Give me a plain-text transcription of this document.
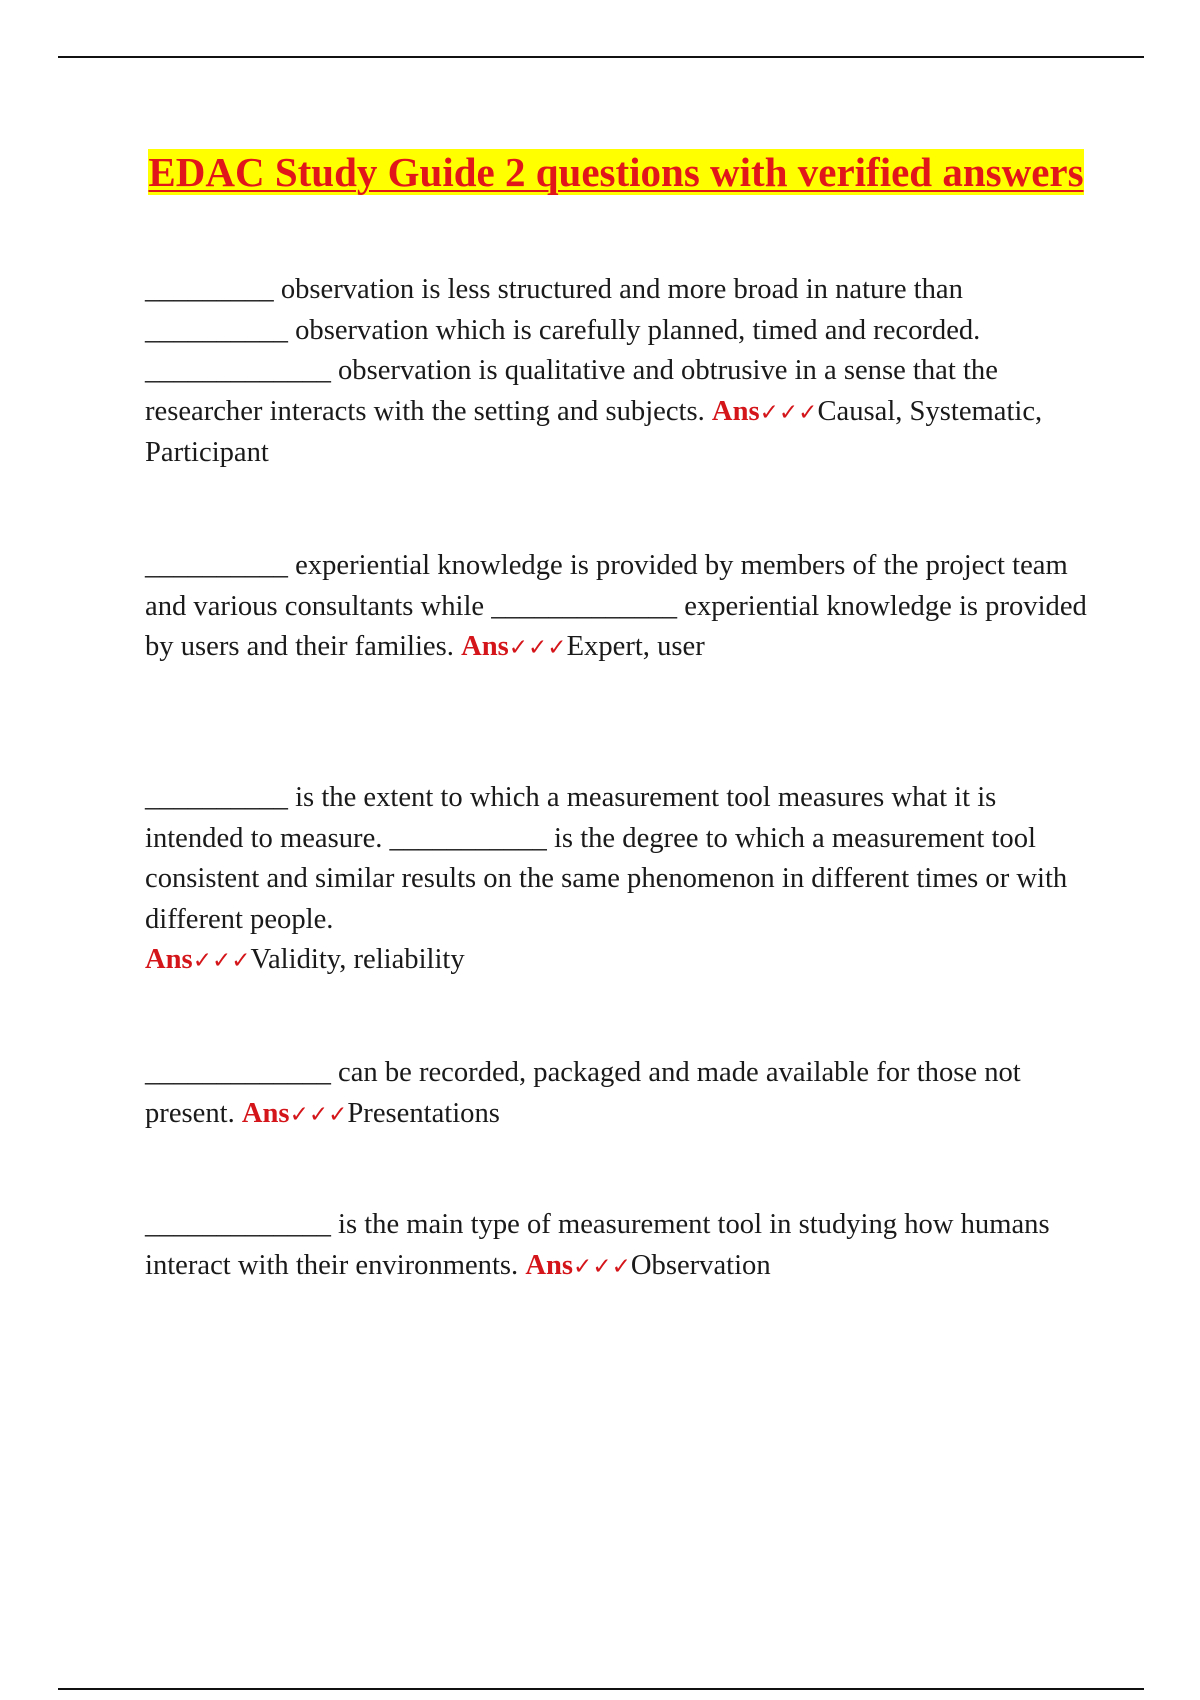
EDAC Study Guide 2 questions with verified answers

_________ observation is less structured and more broad in nature than __________ observation which is carefully planned, timed and recorded. _____________ observation is qualitative and obtrusive in a sense that the researcher interacts with the setting and subjects. Ans✓✓✓Causal, Systematic, Participant

__________ experiential knowledge is provided by members of the project team and various consultants while _____________ experiential knowledge is provided by users and their families. Ans✓✓✓Expert, user

__________ is the extent to which a measurement tool measures what it is intended to measure. ___________ is the degree to which a measurement tool consistent and similar results on the same phenomenon in different times or with different people.
Ans✓✓✓Validity, reliability

_____________ can be recorded, packaged and made available for those not present. Ans✓✓✓Presentations

_____________ is the main type of measurement tool in studying how humans interact with their environments. Ans✓✓✓Observation
